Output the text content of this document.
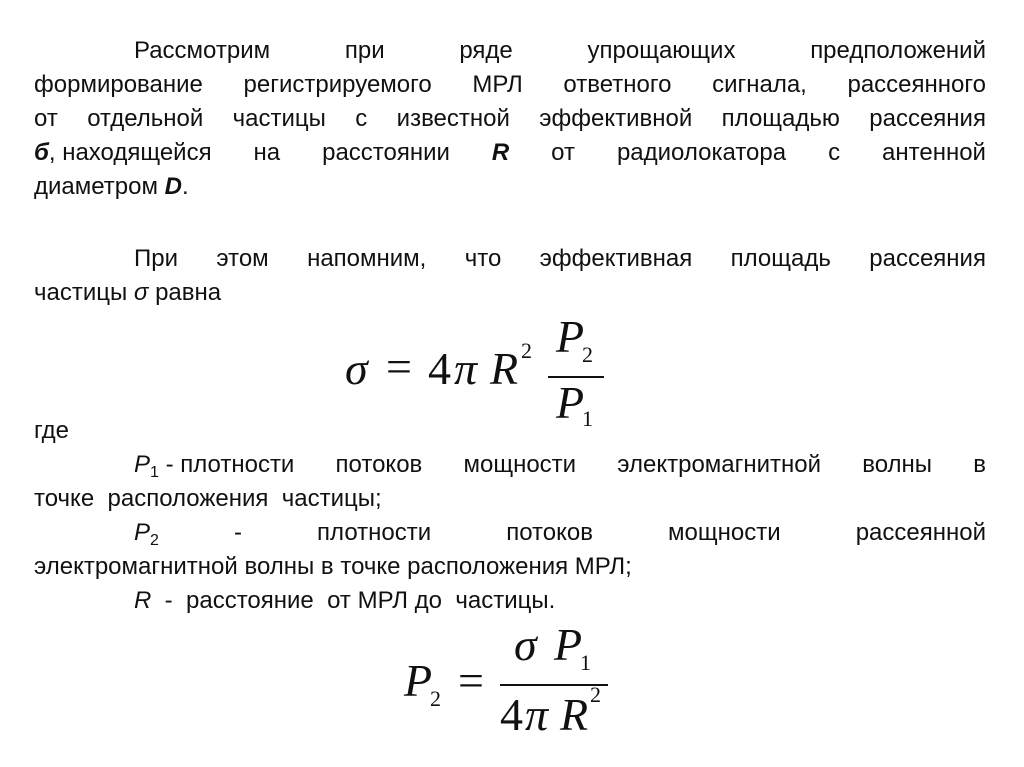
Рассмотрим	при	ряде	упрощающих	предположений
формирование регистрируемого МРЛ ответного сигнала, рассеянного
от отдельной частицы с известной эффективной площадью рассеяния
б, находящейся на расстоянии R от радиолокатора с антенной
диаметром D.
При этом напомним, что эффективная площадь рассеяния
частицы σ равна
σ = 4 π R 2 P
2
P
1
где
$P_1$ - плотности потоков мощности электромагнитной волны в
точке  расположения  частицы;
$P_2$	-	плотности	потоков	мощности	рассеянной
электромагнитной волны в точке расположения МРЛ;
R  -  расстояние  от МРЛ до  частицы.
P
2 =
σ P
1
4 π R 2
